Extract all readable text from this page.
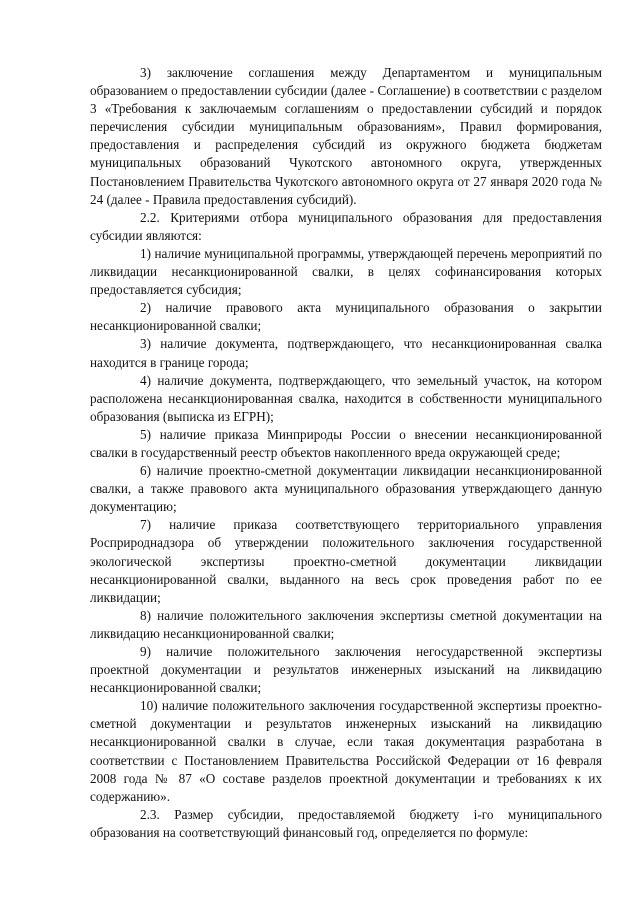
3) заключение соглашения между Департаментом и муниципальным образованием о предоставлении субсидии (далее - Соглашение) в соответствии с разделом 3 «Требования к заключаемым соглашениям о предоставлении субсидий и порядок перечисления субсидии муниципальным образованиям», Правил формирования, предоставления и распределения субсидий из окружного бюджета бюджетам муниципальных образований Чукотского автономного округа, утвержденных Постановлением Правительства Чукотского автономного округа от 27 января 2020 года № 24 (далее - Правила предоставления субсидий).

2.2. Критериями отбора муниципального образования для предоставления субсидии являются:

1) наличие муниципальной программы, утверждающей перечень мероприятий по ликвидации несанкционированной свалки, в целях софинансирования которых предоставляется субсидия;

2) наличие правового акта муниципального образования о закрытии несанкционированной свалки;

3) наличие документа, подтверждающего, что несанкционированная свалка находится в границе города;

4) наличие документа, подтверждающего, что земельный участок, на котором расположена несанкционированная свалка, находится в собственности муниципального образования (выписка из ЕГРН);

5) наличие приказа Минприроды России о внесении несанкционированной свалки в государственный реестр объектов накопленного вреда окружающей среде;

6) наличие проектно-сметной документации ликвидации несанкционированной свалки, а также правового акта муниципального образования утверждающего данную документацию;

7) наличие приказа соответствующего территориального управления Росприроднадзора об утверждении положительного заключения государственной экологической экспертизы проектно-сметной документации ликвидации несанкционированной свалки, выданного на весь срок проведения работ по ее ликвидации;

8) наличие положительного заключения экспертизы сметной документации на ликвидацию несанкционированной свалки;

9) наличие положительного заключения негосударственной экспертизы проектной документации и результатов инженерных изысканий на ликвидацию несанкционированной свалки;

10) наличие положительного заключения государственной экспертизы проектно-сметной документации и результатов инженерных изысканий на ликвидацию несанкционированной свалки в случае, если такая документация разработана в соответствии с Постановлением Правительства Российской Федерации от 16 февраля 2008 года № 87 «О составе разделов проектной документации и требованиях к их содержанию».

2.3. Размер субсидии, предоставляемой бюджету i-го муниципального образования на соответствующий финансовый год, определяется по формуле:
